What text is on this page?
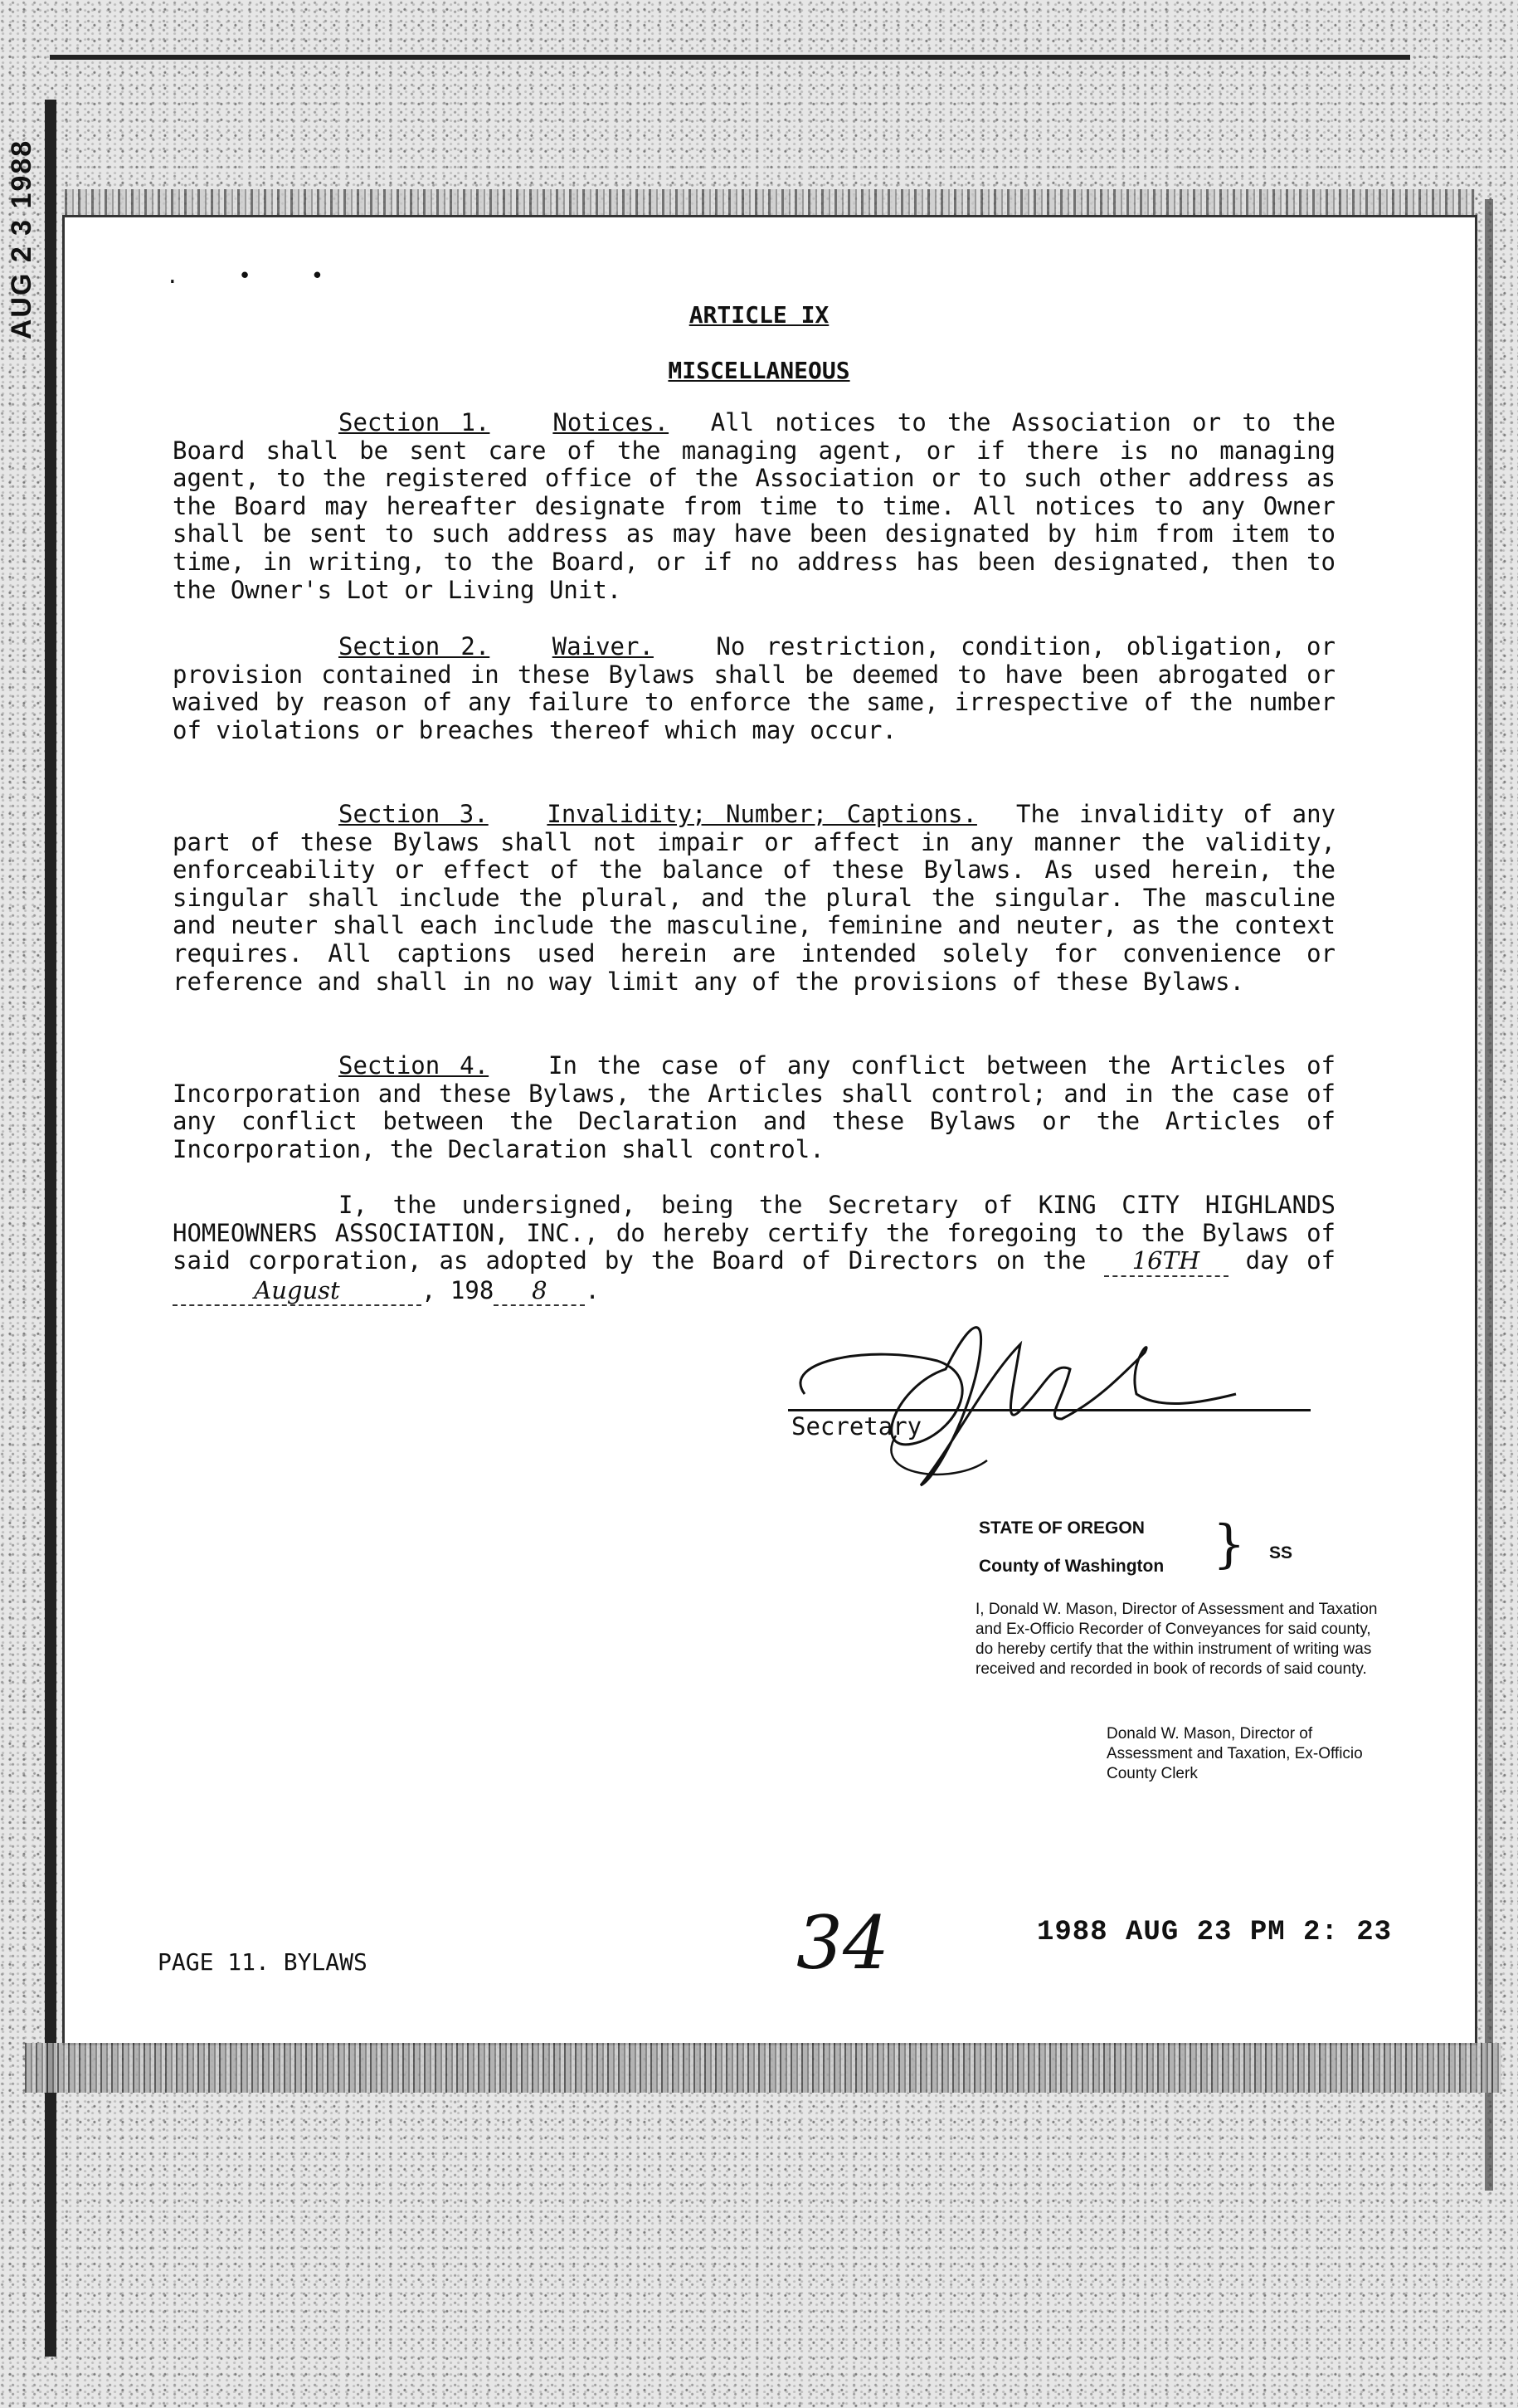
AUG 2 3 1988	. • •
ARTICLE IX
MISCELLANEOUS

Section 1.	Notices. All notices to the Association or to the Board shall be sent care of the managing agent, or if there is no managing agent, to the registered office of the Association or to such other address as the Board may hereafter designate from time to time. All notices to any Owner shall be sent to such address as may have been designated by him from item to time, in writing, to the Board, or if no address has been designated, then to the Owner's Lot or Living Unit.

Section 2.	Waiver.	No restriction, condition, obligation, or provision contained in these Bylaws shall be deemed to have been abrogated or waived by reason of any failure to enforce the same, irrespective of the number of violations or breaches thereof which may occur.

Section 3. Invalidity; Number; Captions. The invalidity of any part of these Bylaws shall not impair or affect in any manner the validity, enforceability or effect of the balance of these Bylaws. As used herein, the singular shall include the plural, and the plural the singular. The masculine and neuter shall each include the masculine, feminine and neuter, as the context requires. All captions used herein are intended solely for convenience or reference and shall in no way limit any of the provisions of these Bylaws.

Section 4. In the case of any conflict between the Articles of Incorporation and these Bylaws, the Articles shall control; and in the case of any conflict between the Declaration and these Bylaws or the Articles of Incorporation, the Declaration shall control.

I, the undersigned, being the Secretary of KING CITY HIGHLANDS HOMEOWNERS ASSOCIATION, INC., do hereby certify the foregoing to the Bylaws of said corporation, as adopted by the Board of Directors on the 16TH day of August	, 198 8 .

Secretary
STATE OF OREGON
County of Washington } SS
I, Donald W. Mason, Director of Assessment and Taxation and Ex-Officio Recorder of Conveyances for said county, do hereby certify that the within instrument of writing was received and recorded in book of records of said county.
Donald W. Mason, Director of Assessment and Taxation, Ex-Officio County Clerk
PAGE 11. BYLAWS	34	1988 AUG 23 PM 2: 23
